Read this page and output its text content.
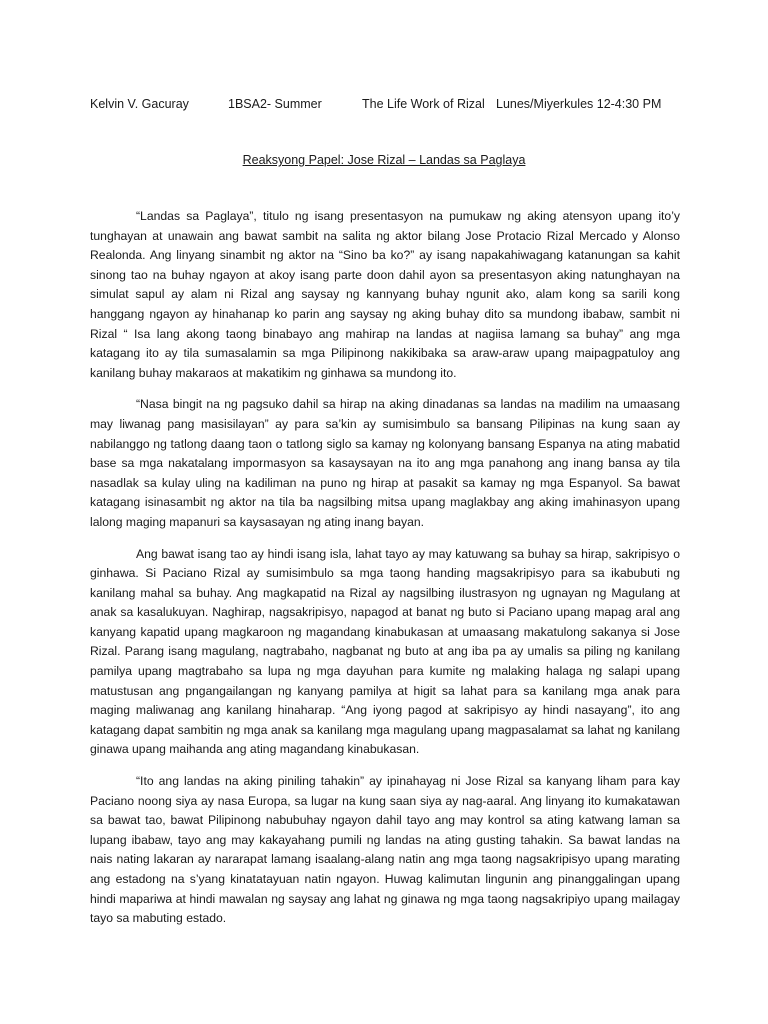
Kelvin V. Gacuray	1BSA2- Summer	The Life Work of Rizal Lunes/Miyerkules 12-4:30 PM
Reaksyong Papel: Jose Rizal – Landas sa Paglaya

“Landas sa Paglaya”, titulo ng isang presentasyon na pumukaw ng aking atensyon upang ito’y tunghayan at unawain ang bawat sambit na salita ng aktor bilang Jose Protacio Rizal Mercado y Alonso Realonda. Ang linyang sinambit ng aktor na “Sino ba ko?” ay isang napakahiwagang katanungan sa kahit sinong tao na buhay ngayon at akoy isang parte doon dahil ayon sa presentasyon aking natunghayan na simulat sapul ay alam ni Rizal ang saysay ng kannyang buhay ngunit ako, alam kong sa sarili kong hanggang ngayon ay hinahanap ko parin ang saysay ng aking buhay dito sa mundong ibabaw, sambit ni Rizal “ Isa lang akong taong binabayo ang mahirap na landas at nagiisa lamang sa buhay” ang mga katagang ito ay tila sumasalamin sa mga Pilipinong nakikibaka sa araw-araw upang maipagpatuloy ang kanilang buhay makaraos at makatikim ng ginhawa sa mundong ito.

“Nasa bingit na ng pagsuko dahil sa hirap na aking dinadanas sa landas na madilim na umaasang may liwanag pang masisilayan” ay para sa’kin ay sumisimbulo sa bansang Pilipinas na kung saan ay nabilanggo ng tatlong daang taon o tatlong siglo sa kamay ng kolonyang bansang Espanya na ating mabatid base sa mga nakatalang impormasyon sa kasaysayan na ito ang mga panahong ang inang bansa ay tila nasadlak sa kulay uling na kadiliman na puno ng hirap at pasakit sa kamay ng mga Espanyol. Sa bawat katagang isinasambit ng aktor na tila ba nagsilbing mitsa upang maglakbay ang aking imahinasyon upang lalong maging mapanuri sa kaysasayan ng ating inang bayan.

Ang bawat isang tao ay hindi isang isla, lahat tayo ay may katuwang sa buhay sa hirap, sakripisyo o ginhawa. Si Paciano Rizal ay sumisimbulo sa mga taong handing magsakripisyo para sa ikabubuti ng kanilang mahal sa buhay. Ang magkapatid na Rizal ay nagsilbing ilustrasyon ng ugnayan ng Magulang at anak sa kasalukuyan. Naghirap, nagsakripisyo, napagod at banat ng buto si Paciano upang mapag aral ang kanyang kapatid upang magkaroon ng magandang kinabukasan at umaasang makatulong sakanya si Jose Rizal. Parang isang magulang, nagtrabaho, nagbanat ng buto at ang iba pa ay umalis sa piling ng kanilang pamilya upang magtrabaho sa lupa ng mga dayuhan para kumite ng malaking halaga ng salapi upang matustusan ang pngangailangan ng kanyang pamilya at higit sa lahat para sa kanilang mga anak para maging maliwanag ang kanilang hinaharap. “Ang iyong pagod at sakripisyo ay hindi nasayang”, ito ang katagang dapat sambitin ng mga anak sa kanilang mga magulang upang magpasalamat sa lahat ng kanilang ginawa upang maihanda ang ating magandang kinabukasan.

“Ito ang landas na aking piniling tahakin” ay ipinahayag ni Jose Rizal sa kanyang liham para kay Paciano noong siya ay nasa Europa, sa lugar na kung saan siya ay nag-aaral. Ang linyang ito kumakatawan sa bawat tao, bawat Pilipinong nabubuhay ngayon dahil tayo ang may kontrol sa ating katwang laman sa lupang ibabaw, tayo ang may kakayahang pumili ng landas na ating gusting tahakin. Sa bawat landas na nais nating lakaran ay nararapat lamang isaalang-alang natin ang mga taong nagsakripisyo upang marating ang estadong na s’yang kinatatayuan natin ngayon. Huwag kalimutan lingunin ang pinanggalingan upang hindi mapariwa at hindi mawalan ng saysay ang lahat ng ginawa ng mga taong nagsakripiyo upang mailagay tayo sa mabuting estado.
